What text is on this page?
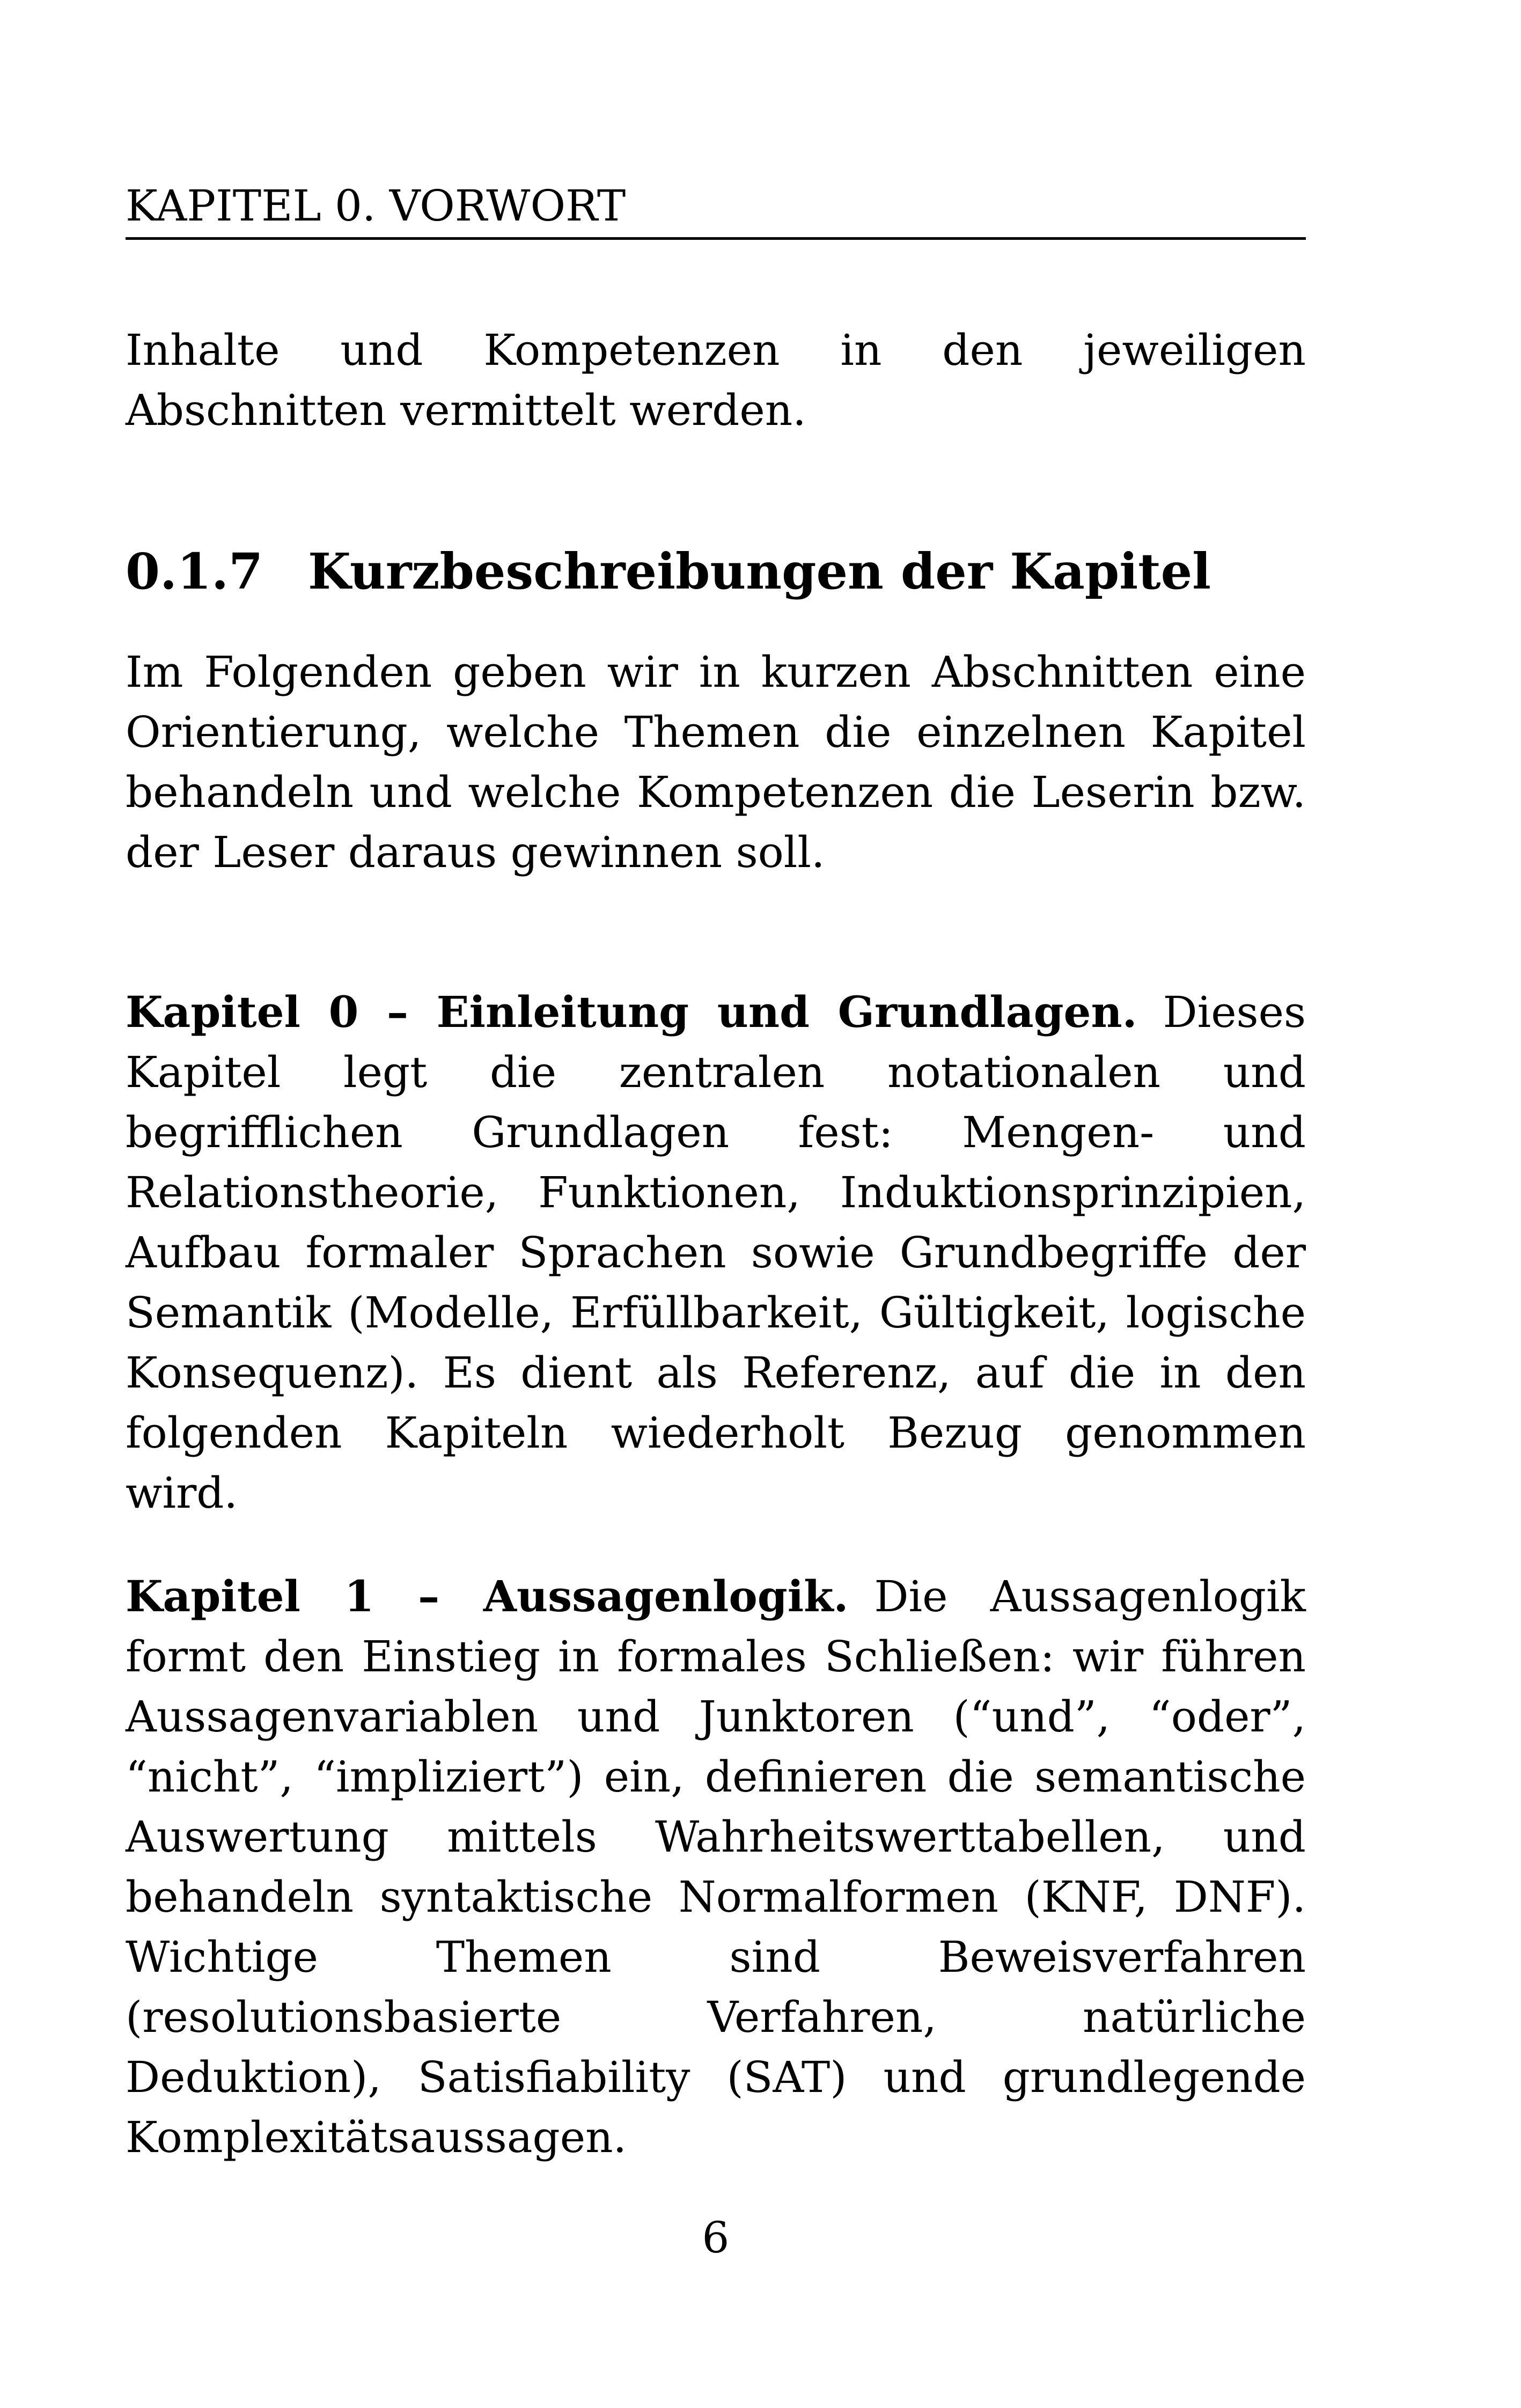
KAPITEL 0. VORWORT

Inhalte und Kompetenzen in den jeweiligen Abschnitten vermittelt werden.

0.1.7 Kurzbeschreibungen der Kapitel

Im Folgenden geben wir in kurzen Abschnitten eine Orientierung, welche Themen die einzelnen Kapitel behandeln und welche Kompetenzen die Leserin bzw. der Leser daraus gewinnen soll.

Kapitel 0 – Einleitung und Grundlagen. Dieses Kapitel legt die zentralen notationalen und begrifflichen Grundlagen fest: Mengen- und Relationstheorie, Funktionen, Induktionsprinzipien, Aufbau formaler Sprachen sowie Grundbegriffe der Semantik (Modelle, Erfüllbarkeit, Gültigkeit, logische Konsequenz). Es dient als Referenz, auf die in den folgenden Kapiteln wiederholt Bezug genommen wird.

Kapitel 1 – Aussagenlogik. Die Aussagenlogik formt den Einstieg in formales Schließen: wir führen Aussagenvariablen und Junktoren (“und”, “oder”, “nicht”, “impliziert”) ein, definieren die semantische Auswertung mittels Wahrheitswerttabellen, und behandeln syntaktische Normalformen (KNF, DNF). Wichtige Themen sind Beweisverfahren (resolutionsbasierte Verfahren, natürliche Deduktion), Satisfiability (SAT) und grundlegende Komplexitätsaussagen.

6
